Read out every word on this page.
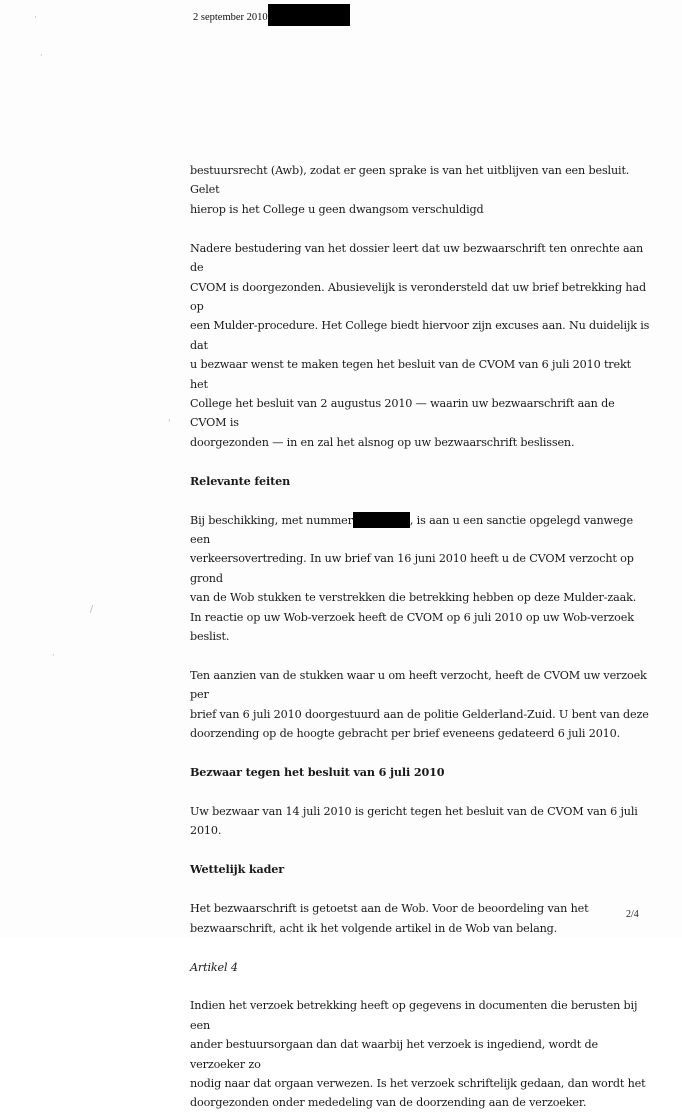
·
·
'
/
·
2 september 2010

bestuursrecht (Awb), zodat er geen sprake is van het uitblijven van een besluit. Gelet

hierop is het College u geen dwangsom verschuldigd

Nadere bestudering van het dossier leert dat uw bezwaarschrift ten onrechte aan de

CVOM is doorgezonden. Abusievelijk is verondersteld dat uw brief betrekking had op

een Mulder-procedure. Het College biedt hiervoor zijn excuses aan. Nu duidelijk is dat

u bezwaar wenst te maken tegen het besluit van de CVOM van 6 juli 2010 trekt het

College het besluit van 2 augustus 2010 — waarin uw bezwaarschrift aan de CVOM is

doorgezonden — in en zal het alsnog op uw bezwaarschrift beslissen.

Relevante feiten

Bij beschikking, met nummer	, is aan u een sanctie opgelegd vanwege een

verkeersovertreding. In uw brief van 16 juni 2010 heeft u de CVOM verzocht op grond

van de Wob stukken te verstrekken die betrekking hebben op deze Mulder-zaak.

In reactie op uw Wob-verzoek heeft de CVOM op 6 juli 2010 op uw Wob-verzoek

beslist.

Ten aanzien van de stukken waar u om heeft verzocht, heeft de CVOM uw verzoek per

brief van 6 juli 2010 doorgestuurd aan de politie Gelderland-Zuid. U bent van deze

doorzending op de hoogte gebracht per brief eveneens gedateerd 6 juli 2010.

Bezwaar tegen het besluit van 6 juli 2010

Uw bezwaar van 14 juli 2010 is gericht tegen het besluit van de CVOM van 6 juli 2010.

Wettelijk kader

Het bezwaarschrift is getoetst aan de Wob. Voor de beoordeling van het

bezwaarschrift, acht ik het volgende artikel in de Wob van belang.

Artikel 4

Indien het verzoek betrekking heeft op gegevens in documenten die berusten bij een

ander bestuursorgaan dan dat waarbij het verzoek is ingediend, wordt de verzoeker zo

nodig naar dat orgaan verwezen. Is het verzoek schriftelijk gedaan, dan wordt het

doorgezonden onder mededeling van de doorzending aan de verzoeker.

2/4
